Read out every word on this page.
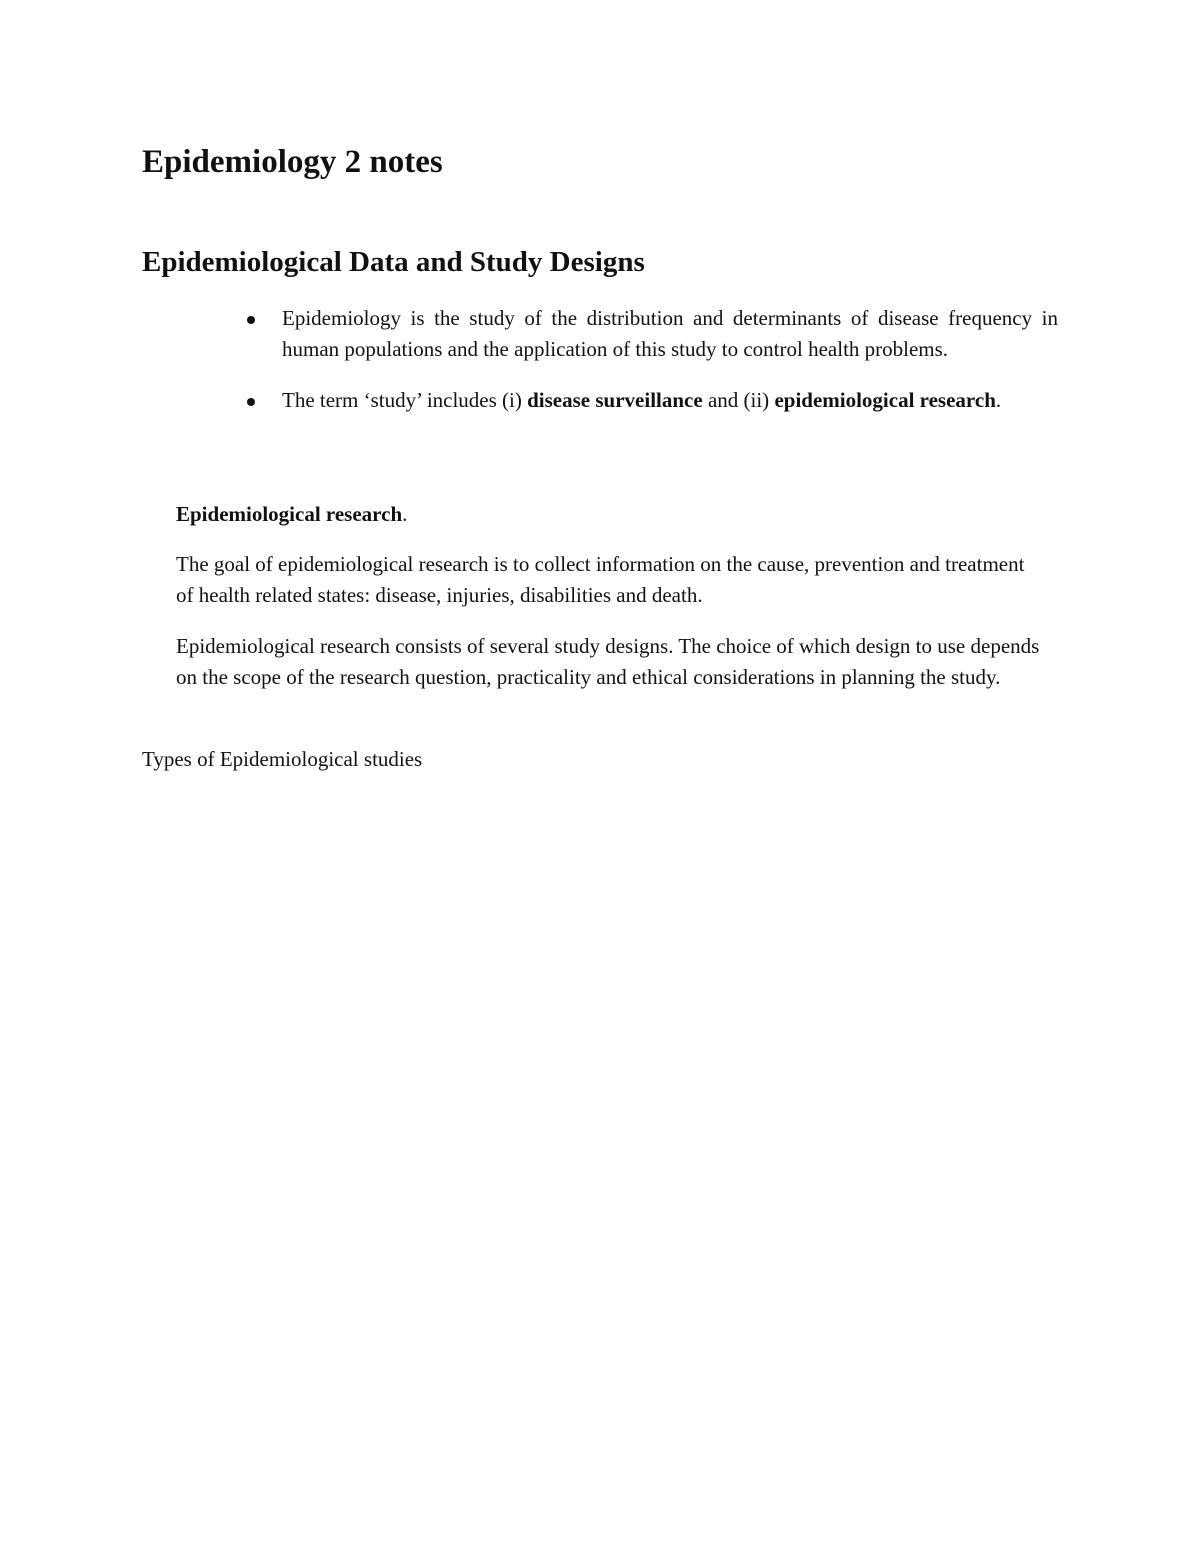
Epidemiology 2 notes
Epidemiological Data and Study Designs
Epidemiology is the study of the distribution and determinants of disease frequency in human populations and the application of this study to control health problems.
The term ‘study’ includes (i) disease surveillance and (ii) epidemiological research.

Epidemiological research.

The goal of epidemiological research is to collect information on the cause, prevention and treatment of health related states: disease, injuries, disabilities and death.

Epidemiological research consists of several study designs. The choice of which design to use depends on the scope of the research question, practicality and ethical considerations in planning the study.

Types of Epidemiological studies
